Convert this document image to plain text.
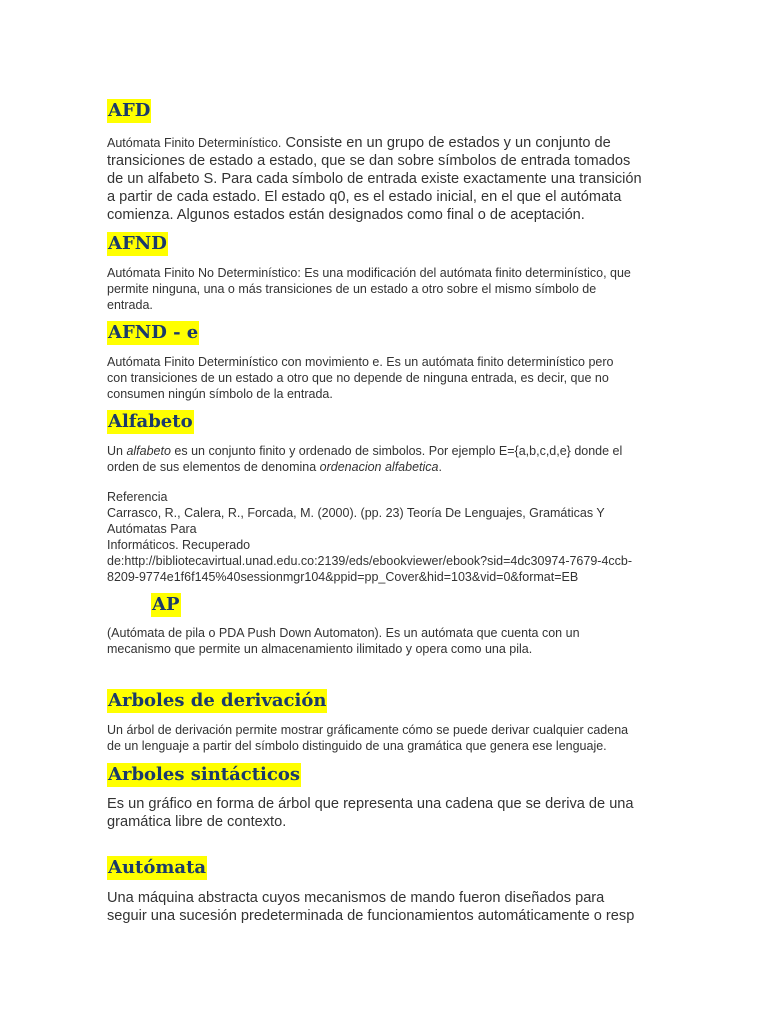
AFD
Autómata Finito Determinístico. Consiste en un grupo de estados y un conjunto de
transiciones de estado a estado, que se dan sobre símbolos de entrada tomados
de un alfabeto S. Para cada símbolo de entrada existe exactamente una transición
a partir de cada estado. El estado q0, es el estado inicial, en el que el autómata
comienza. Algunos estados están designados como final o de aceptación.
AFND
Autómata Finito No Determinístico: Es una modificación del autómata finito determinístico, que
permite ninguna, una o más transiciones de un estado a otro sobre el mismo símbolo de
entrada.
AFND - e
Autómata Finito Determinístico con movimiento e. Es un autómata finito determinístico pero
con transiciones de un estado a otro que no depende de ninguna entrada, es decir, que no
consumen ningún símbolo de la entrada.
Alfabeto
Un alfabeto es un conjunto finito y ordenado de simbolos. Por ejemplo E={a,b,c,d,e} donde el
orden de sus elementos de denomina ordenacion alfabetica.
Referencia
Carrasco, R., Calera, R., Forcada, M. (2000). (pp. 23) Teoría De Lenguajes, Gramáticas Y
Autómatas Para
Informáticos. Recuperado
de:http://bibliotecavirtual.unad.edu.co:2139/eds/ebookviewer/ebook?sid=4dc30974-7679-4ccb-
8209-9774e1f6f145%40sessionmgr104&ppid=pp_Cover&hid=103&vid=0&format=EB
AP
(Autómata de pila o PDA Push Down Automaton). Es un autómata que cuenta con un
mecanismo que permite un almacenamiento ilimitado y opera como una pila.
Arboles de derivación
Un árbol de derivación permite mostrar gráficamente cómo se puede derivar cualquier cadena
de un lenguaje a partir del símbolo distinguido de una gramática que genera ese lenguaje.
Arboles sintácticos
Es un gráfico en forma de árbol que representa una cadena que se deriva de una
gramática libre de contexto.
Autómata
Una máquina abstracta cuyos mecanismos de mando fueron diseñados para
seguir una sucesión predeterminada de funcionamientos automáticamente o resp
